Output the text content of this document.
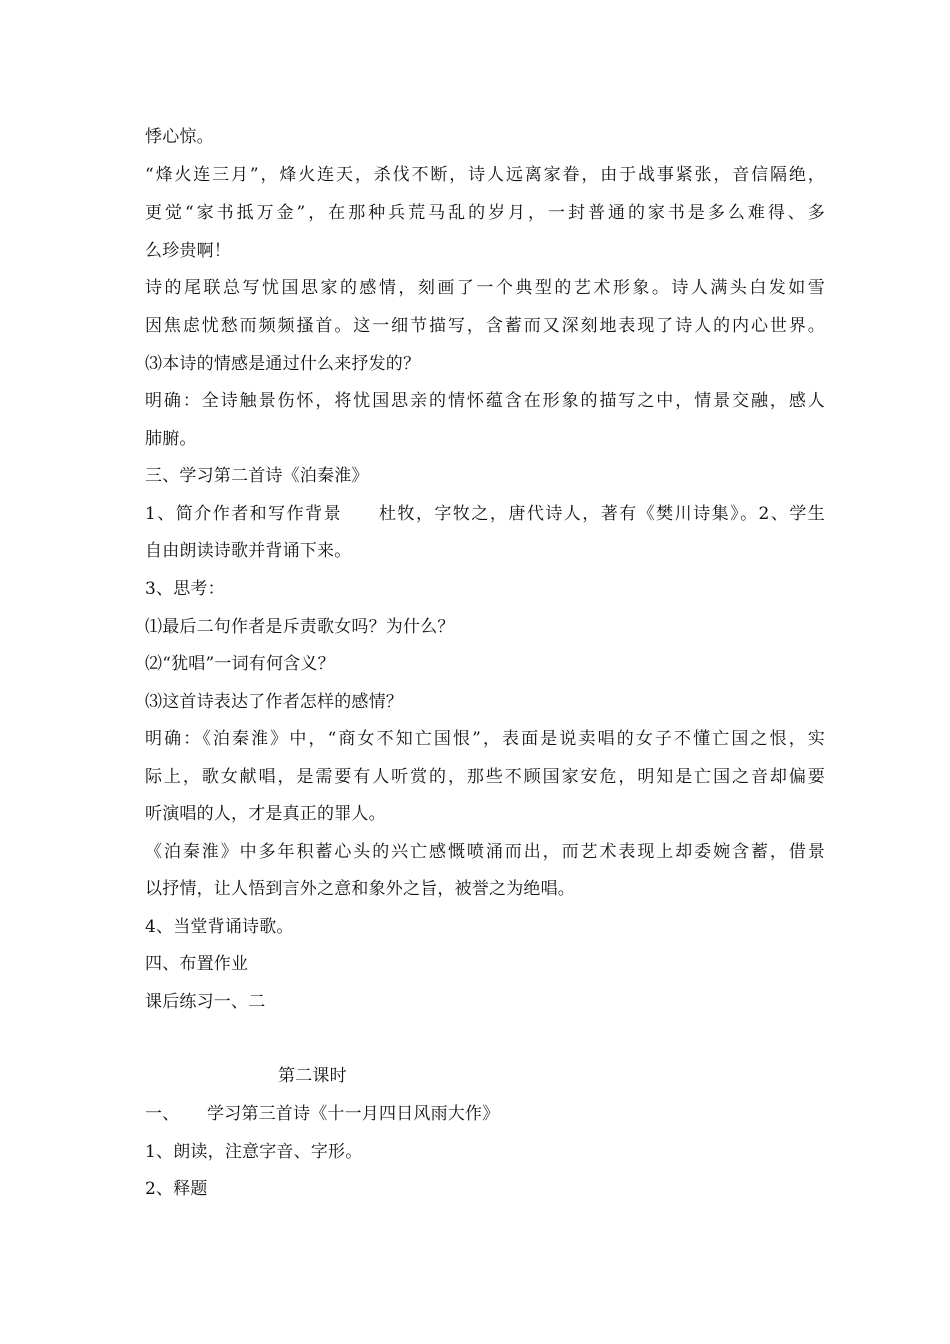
悸心惊。
“烽火连三月”，烽火连天，杀伐不断，诗人远离家眷，由于战事紧张，音信隔绝，
更觉“家书抵万金”，在那种兵荒马乱的岁月，一封普通的家书是多么难得、多
么珍贵啊！
诗的尾联总写忧国思家的感情，刻画了一个典型的艺术形象。诗人满头白发如雪
因焦虑忧愁而频频搔首。这一细节描写，含蓄而又深刻地表现了诗人的内心世界。
⑶本诗的情感是通过什么来抒发的？
明确：全诗触景伤怀，将忧国思亲的情怀蕴含在形象的描写之中，情景交融，感人
肺腑。
三、学习第二首诗《泊秦淮》
1、简介作者和写作背景　　杜牧，字牧之，唐代诗人，著有《樊川诗集》。2、学生
自由朗读诗歌并背诵下来。
3、思考：
⑴最后二句作者是斥责歌女吗？为什么？
⑵“犹唱”一词有何含义？
⑶这首诗表达了作者怎样的感情？
明确：《泊秦淮》中，“商女不知亡国恨”，表面是说卖唱的女子不懂亡国之恨，实
际上，歌女献唱，是需要有人听赏的，那些不顾国家安危，明知是亡国之音却偏要
听演唱的人，才是真正的罪人。
《泊秦淮》中多年积蓄心头的兴亡感慨喷涌而出，而艺术表现上却委婉含蓄，借景
以抒情，让人悟到言外之意和象外之旨，被誉之为绝唱。
4、当堂背诵诗歌。
四、布置作业
课后练习一、二
第二课时
一、 学习第三首诗《十一月四日风雨大作》
1、朗读，注意字音、字形。
2、释题
